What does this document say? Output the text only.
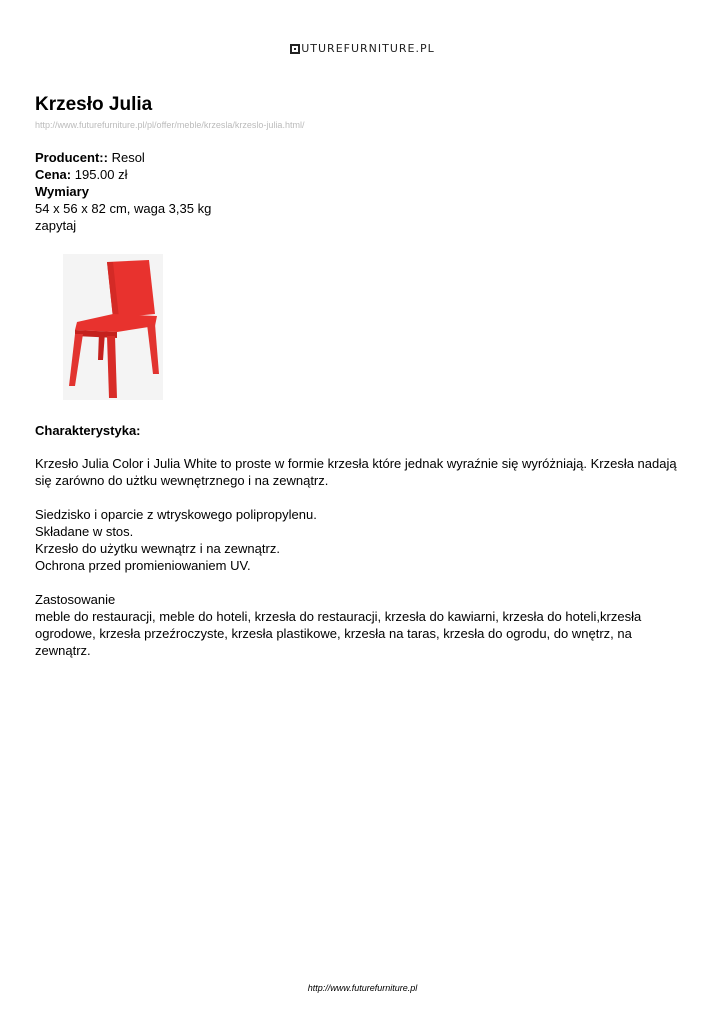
UTUREFURNITURE.PL
Krzesło Julia
http://www.futurefurniture.pl/pl/offer/meble/krzesla/krzeslo-julia.html/
Producent:: Resol
Cena: 195.00 zł
Wymiary
54 x 56 x 82 cm, waga 3,35 kg
zapytaj
Charakterystyka:

Krzesło Julia Color i Julia White to proste w formie krzesła które jednak wyraźnie się wyróżniają. Krzesła nadają się zarówno do użtku wewnętrznego i na zewnątrz.

Siedzisko i oparcie z wtryskowego polipropylenu.
Składane w stos.
Krzesło do użytku wewnątrz i na zewnątrz.
Ochrona przed promieniowaniem UV.

Zastosowanie
meble do restauracji, meble do hoteli, krzesła do restauracji, krzesła do kawiarni, krzesła do hoteli,krzesła ogrodowe, krzesła przeźroczyste, krzesła plastikowe, krzesła na taras, krzesła do ogrodu, do wnętrz, na zewnątrz.

http://www.futurefurniture.pl
